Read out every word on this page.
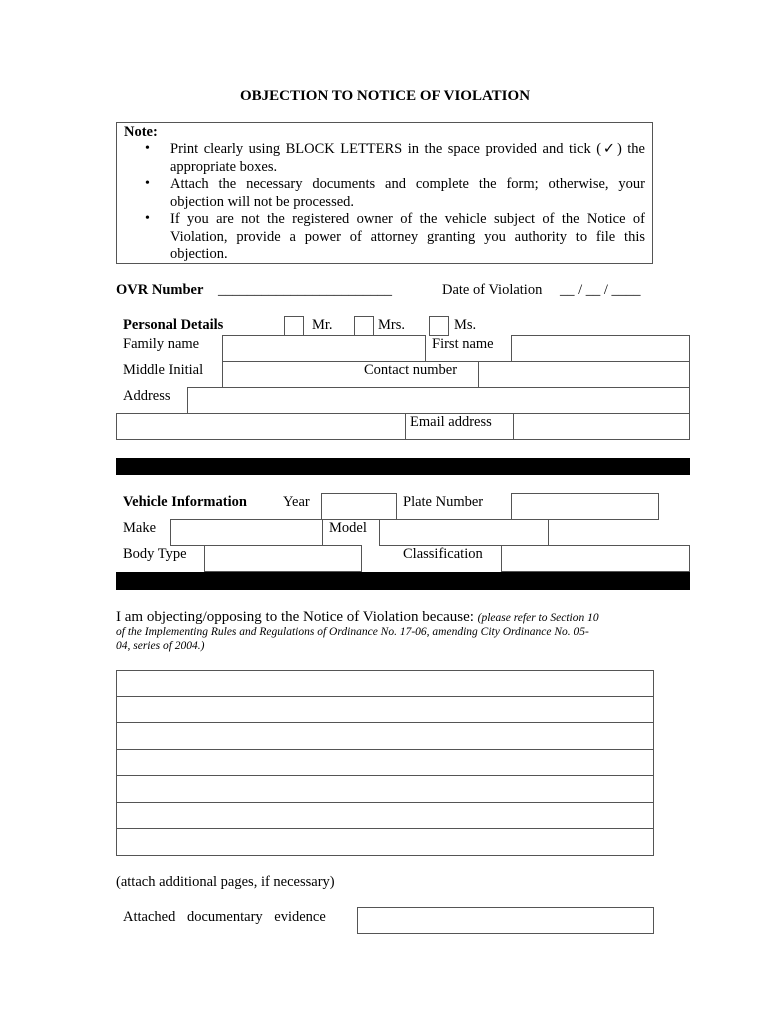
OBJECTION TO NOTICE OF VIOLATION
Note:
• Print clearly using BLOCK LETTERS in the space provided and tick (✓) the appropriate boxes.
• Attach the necessary documents and complete the form; otherwise, your objection will not be processed.
• If you are not the registered owner of the vehicle subject of the Notice of Violation, provide a power of attorney granting you authority to file this objection.
OVR Number ________________________	Date of Violation __ / __ / ____
Personal Details	Mr.	Mrs.	Ms.
Family name	First name
Middle Initial	Contact number
Address
Email address
Vehicle Information Year	Plate Number
Make	Model
Body Type	Classification
I am objecting/opposing to the Notice of Violation because: (please refer to Section 10
of the Implementing Rules and Regulations of Ordinance No. 17-06, amending City Ordinance No. 05-
04, series of 2004.)
(attach additional pages, if necessary)
Attached documentary evidence
